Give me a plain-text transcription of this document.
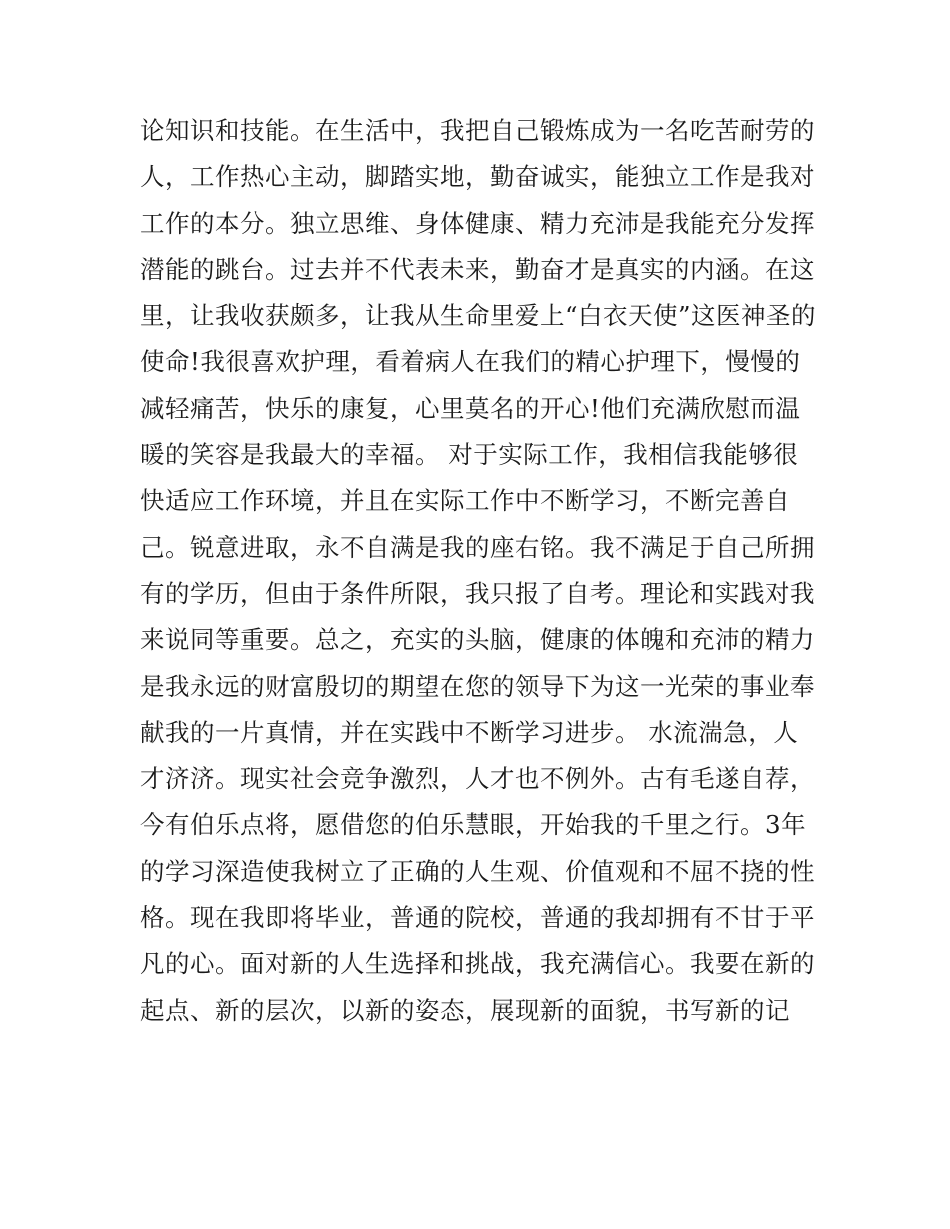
论知识和技能。在生活中，我把自己锻炼成为一名吃苦耐劳的
人，工作热心主动，脚踏实地，勤奋诚实，能独立工作是我对
工作的本分。独立思维、身体健康、精力充沛是我能充分发挥
潜能的跳台。过去并不代表未来，勤奋才是真实的内涵。在这
里，让我收获颇多，让我从生命里爱上“白衣天使”这医神圣的
使命!我很喜欢护理，看着病人在我们的精心护理下，慢慢的
减轻痛苦，快乐的康复，心里莫名的开心!他们充满欣慰而温
暖的笑容是我最大的幸福。 对于实际工作，我相信我能够很
快适应工作环境，并且在实际工作中不断学习，不断完善自
己。锐意进取，永不自满是我的座右铭。我不满足于自己所拥
有的学历，但由于条件所限，我只报了自考。理论和实践对我
来说同等重要。总之，充实的头脑，健康的体魄和充沛的精力
是我永远的财富殷切的期望在您的领导下为这一光荣的事业奉
献我的一片真情，并在实践中不断学习进步。 水流湍急，人
才济济。现实社会竞争激烈，人才也不例外。古有毛遂自荐，
今有伯乐点将，愿借您的伯乐慧眼，开始我的千里之行。3年
的学习深造使我树立了正确的人生观、价值观和不屈不挠的性
格。现在我即将毕业，普通的院校，普通的我却拥有不甘于平
凡的心。面对新的人生选择和挑战，我充满信心。我要在新的
起点、新的层次，以新的姿态，展现新的面貌，书写新的记
